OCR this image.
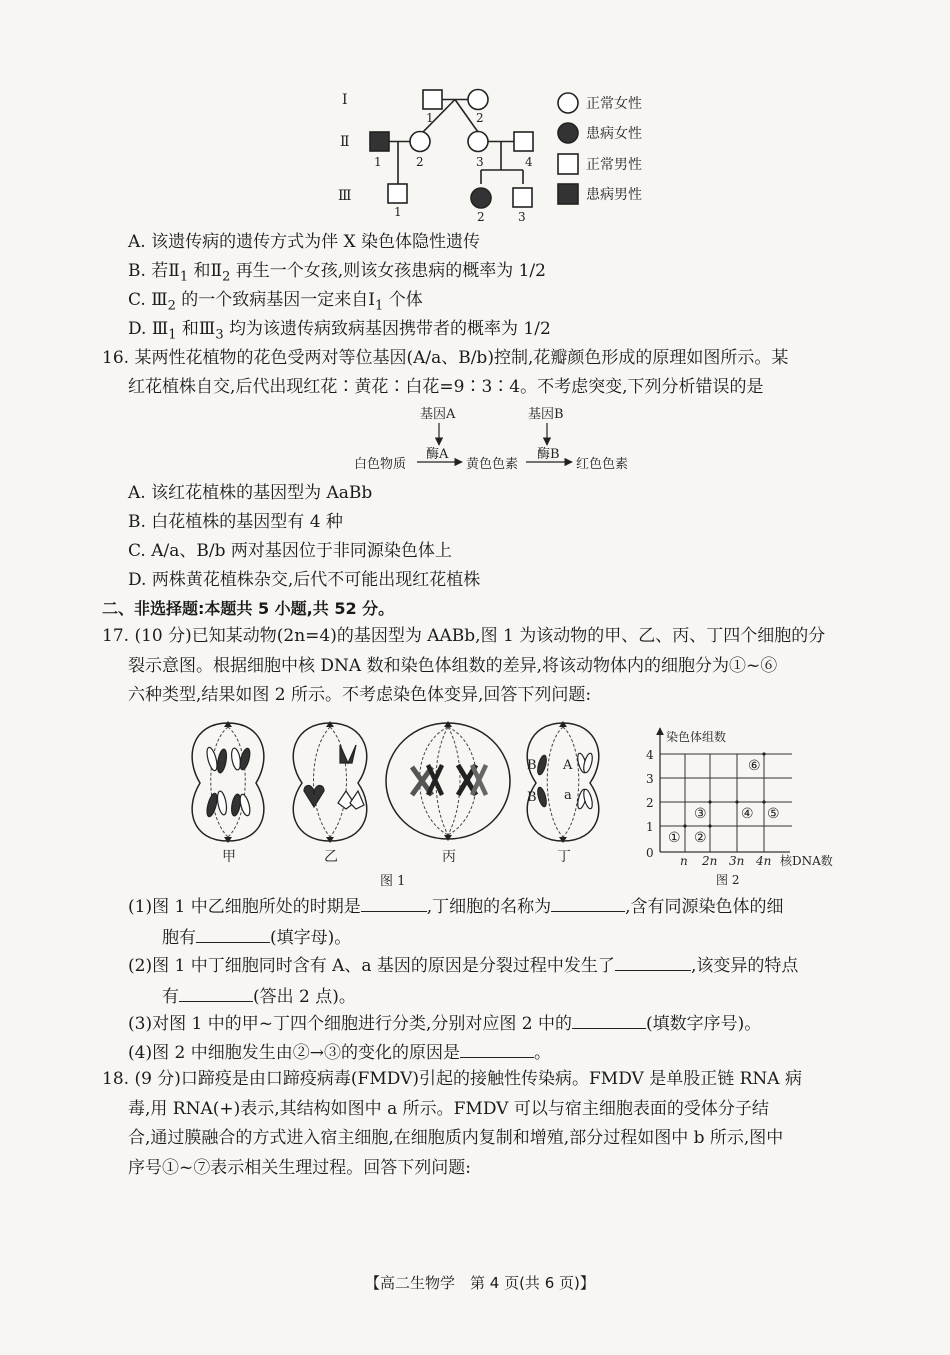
Ⅰ
Ⅱ
Ⅲ
1	2
1	2	3	4
1	2	3
正常女性
患病女性
正常男性
患病男性
A. 该遗传病的遗传方式为伴 X 染色体隐性遗传
B. 若$Ⅱ_1$ 和$Ⅱ_2$ 再生一个女孩,则该女孩患病的概率为 1/2
C. $Ⅲ_2$ 的一个致病基因一定来自$Ⅰ_1$ 个体
D. $Ⅲ_1$ 和$Ⅲ_3$ 均为该遗传病致病基因携带者的概率为 1/2
16. 某两性花植物的花色受两对等位基因(A/a、B/b)控制,花瓣颜色形成的原理如图所示。某
红花植株自交,后代出现红花∶黄花∶白花=9∶3∶4。不考虑突变,下列分析错误的是
基因A	基因B
酶A	酶B
白色物质	黄色色素	红色色素
A. 该红花植株的基因型为 AaBb
B. 白花植株的基因型有 4 种
C. A/a、B/b 两对基因位于非同源染色体上
D. 两株黄花植株杂交,后代不可能出现红花植株
二、非选择题:本题共 5 小题,共 52 分。
17. (10 分)已知某动物(2n=4)的基因型为 AABb,图 1 为该动物的甲、乙、丙、丁四个细胞的分
裂示意图。根据细胞中核 DNA 数和染色体组数的差异,将该动物体内的细胞分为①~⑥
六种类型,结果如图 2 所示。不考虑染色体变异,回答下列问题:
B A
B a
甲	乙	丙	丁
图 1
染色体组数
4
3
2
1
0
n 2n 3n 4n 核DNA数
图 2
① ②
③ ④ ⑤
⑥
(1)图 1 中乙细胞所处的时期是	,丁细胞的名称为	,含有同源染色体的细
胞有	(填字母)。
(2)图 1 中丁细胞同时含有 A、a 基因的原因是分裂过程中发生了	,该变异的特点
有	(答出 2 点)。
(3)对图 1 中的甲~丁四个细胞进行分类,分别对应图 2 中的	(填数字序号)。
(4)图 2 中细胞发生由②→③的变化的原因是	。
18. (9 分)口蹄疫是由口蹄疫病毒(FMDV)引起的接触性传染病。FMDV 是单股正链 RNA 病
毒,用 RNA(+)表示,其结构如图中 a 所示。FMDV 可以与宿主细胞表面的受体分子结
合,通过膜融合的方式进入宿主细胞,在细胞质内复制和增殖,部分过程如图中 b 所示,图中
序号①~⑦表示相关生理过程。回答下列问题:
【高二生物学　第 4 页(共 6 页)】
